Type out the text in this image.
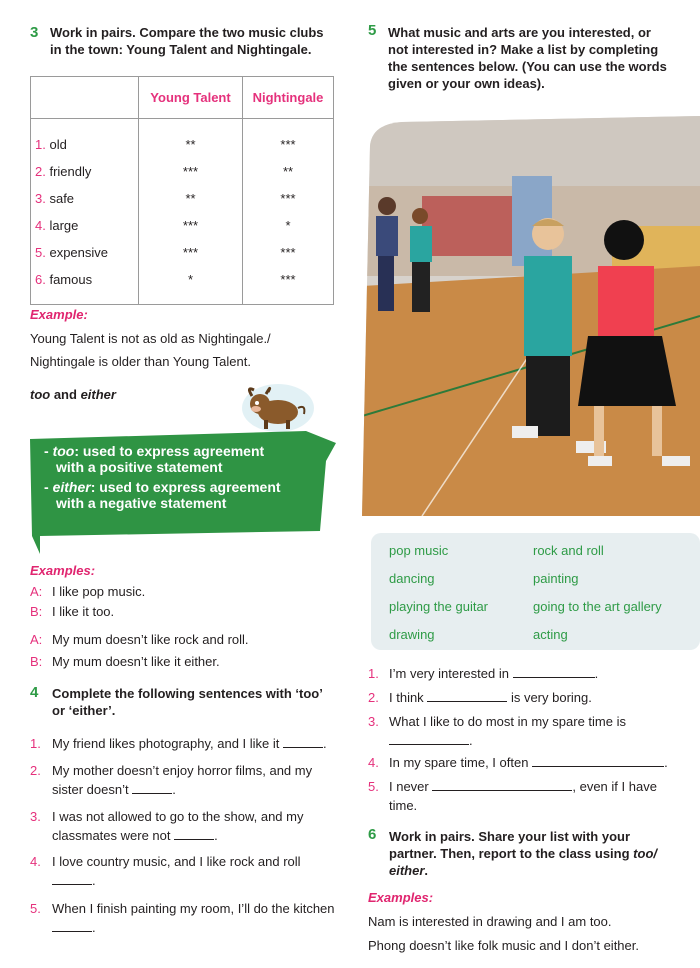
3 Work in pairs. Compare the two music clubs
in the town: Young Talent and Nightingale.
	Young Talent	Nightingale

1. old	**	***
2. friendly	***	**
3. safe	**	***
4. large	***	*
5. expensive	***	***
6. famous	*	***

Example:
Young Talent is not as old as Nightingale./
Nightingale is older than Young Talent.
too and either
- too: used to express agreement
with a positive statement
- either: used to express agreement
with a negative statement
Examples:
A: I like pop music.
B: I like it too.
A: My mum doesn’t like rock and roll.
B: My mum doesn’t like it either.
4 Complete the following sentences with ‘too’
or ‘either’.
1. My friend likes photography, and I like it	.
2. My mother doesn’t enjoy horror films, and my
sister doesn’t	.
3. I was not allowed to go to the show, and my
classmates were not	.
4. I love country music, and I like rock and roll
.
5. When I finish painting my room, I’ll do the kitchen
.
5 What music and arts are you interested, or
not interested in? Make a list by completing
the sentences below. (You can use the words
given or your own ideas).
pop music	rock and roll
dancing	painting
playing the guitar	going to the art gallery
drawing	acting
1. I’m very interested in	.
2. I think	is very boring.
3. What I like to do most in my spare time is
.
4. In my spare time, I often	.
5. I never	, even if I have
time.
6 Work in pairs. Share your list with your
partner. Then, report to the class using too/
either.
Examples:
Nam is interested in drawing and I am too.
Phong doesn’t like folk music and I don’t either.
